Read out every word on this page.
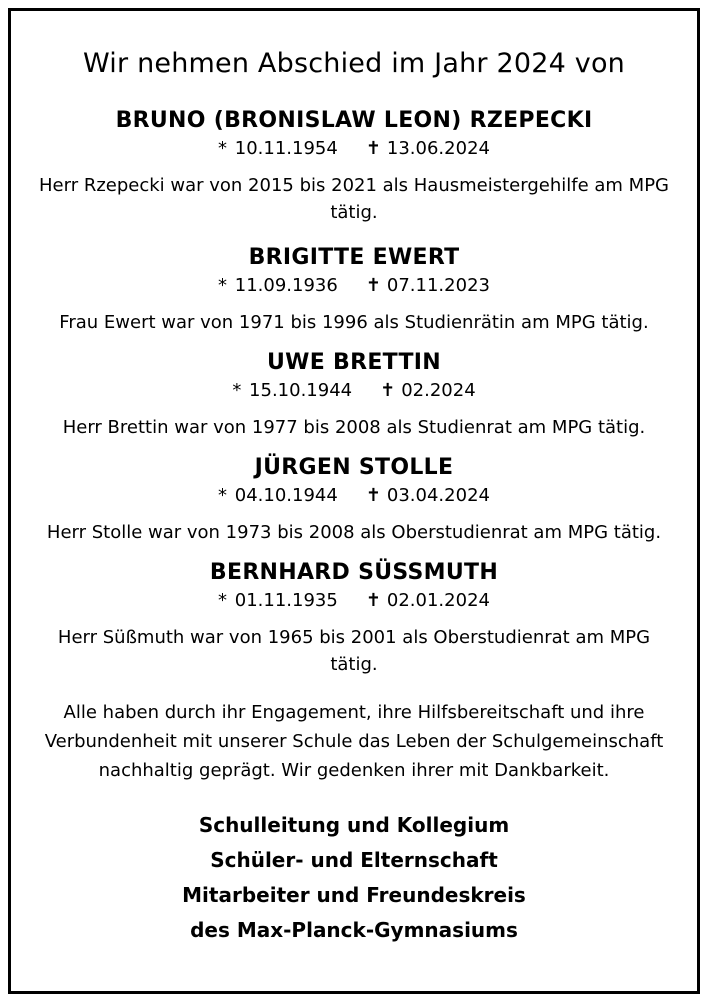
Wir nehmen Abschied im Jahr 2024 von
BRUNO (BRONISLAW LEON) RZEPECKI
* 10.11.1954 ✝ 13.06.2024
Herr Rzepecki war von 2015 bis 2021 als Hausmeistergehilfe am MPG tätig.
BRIGITTE EWERT
* 11.09.1936 ✝ 07.11.2023
Frau Ewert war von 1971 bis 1996 als Studienrätin am MPG tätig.
UWE BRETTIN
* 15.10.1944 ✝ 02.2024
Herr Brettin war von 1977 bis 2008 als Studienrat am MPG tätig.
JÜRGEN STOLLE
* 04.10.1944 ✝ 03.04.2024
Herr Stolle war von 1973 bis 2008 als Oberstudienrat am MPG tätig.
BERNHARD SÜSSMUTH
* 01.11.1935 ✝ 02.01.2024
Herr Süßmuth war von 1965 bis 2001 als Oberstudienrat am MPG tätig.
Alle haben durch ihr Engagement, ihre Hilfsbereitschaft und ihre Verbundenheit mit unserer Schule das Leben der Schulgemeinschaft nachhaltig geprägt. Wir gedenken ihrer mit Dankbarkeit.
Schulleitung und Kollegium
Schüler- und Elternschaft
Mitarbeiter und Freundeskreis
des Max-Planck-Gymnasiums
